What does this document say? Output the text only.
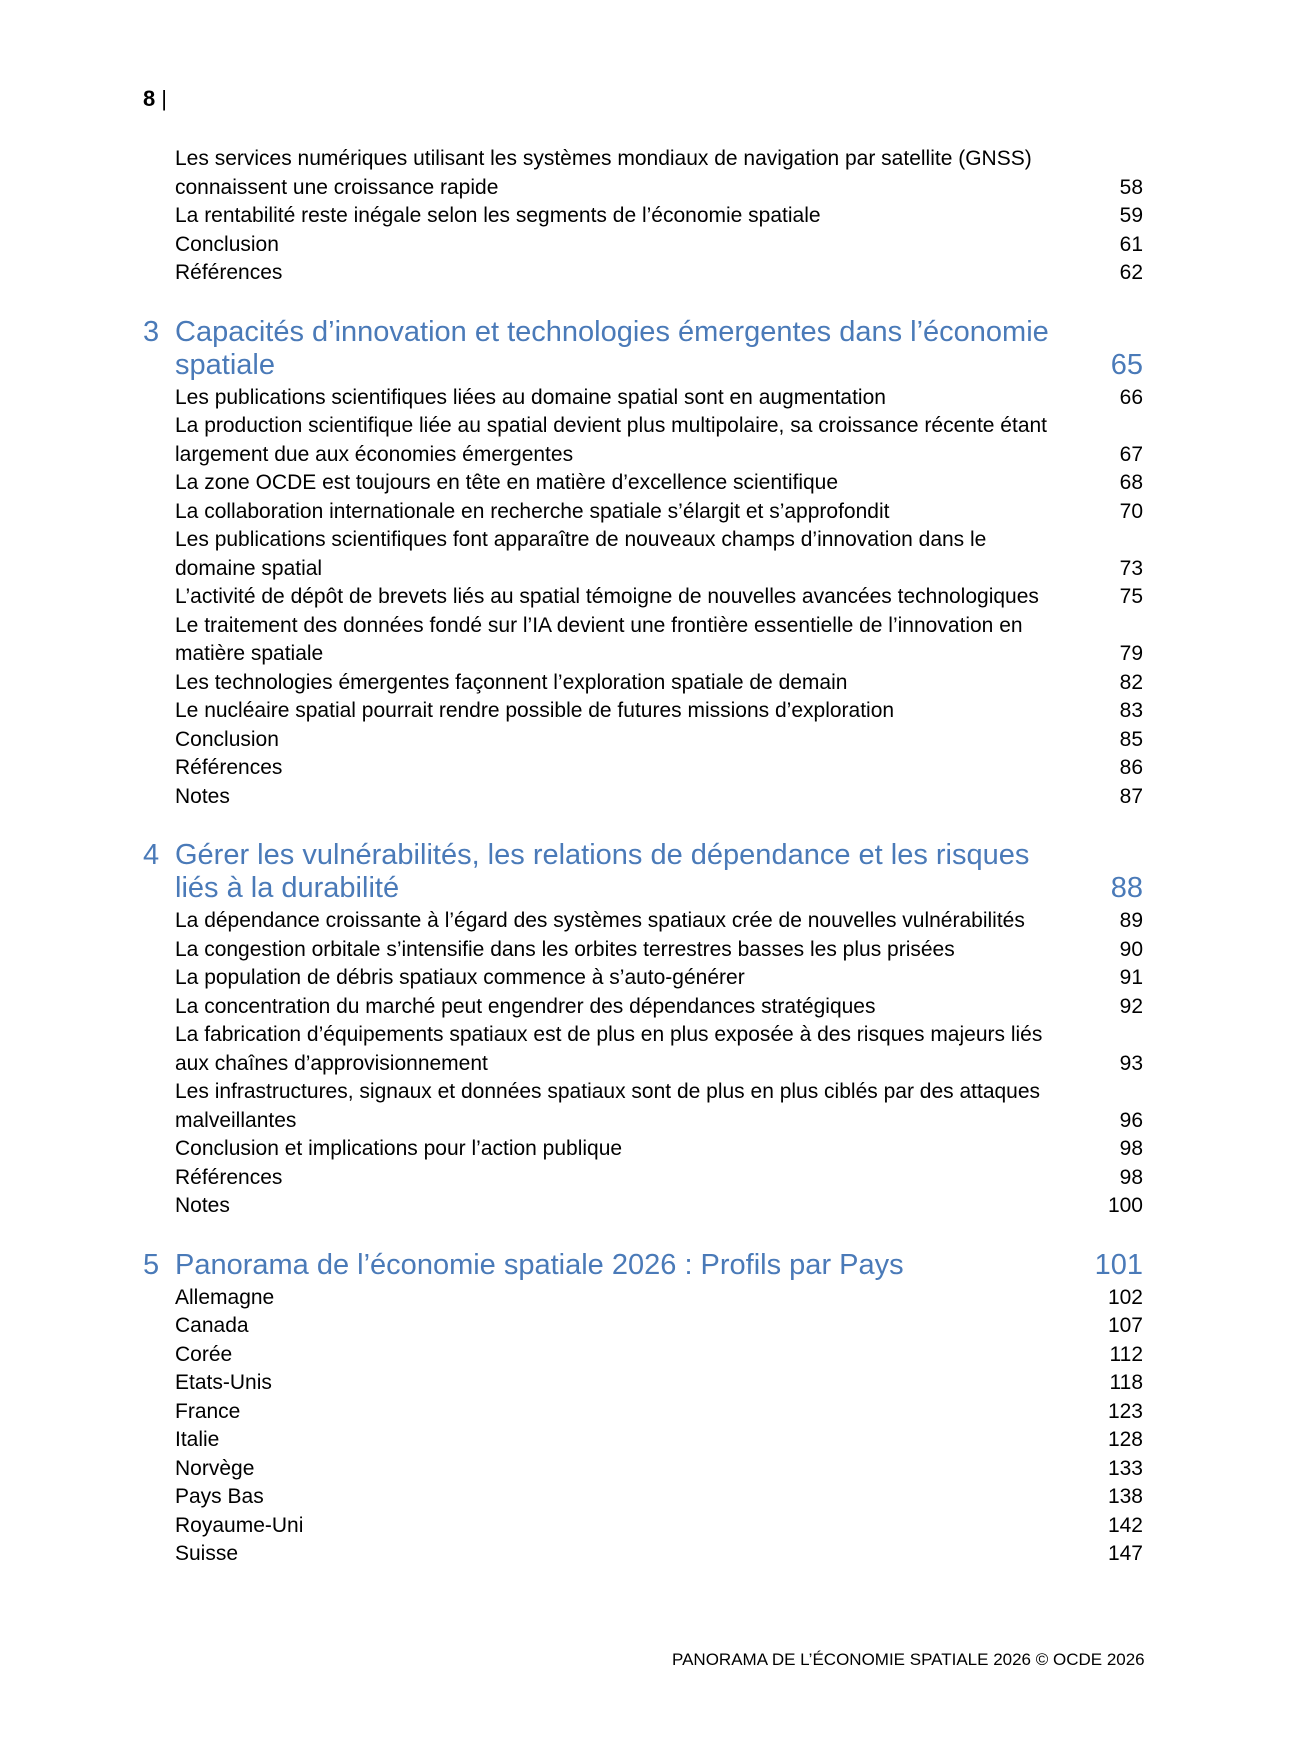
8 |
Les services numériques utilisant les systèmes mondiaux de navigation par satellite (GNSS) connaissent une croissance rapide	58
La rentabilité reste inégale selon les segments de l’économie spatiale	59
Conclusion	61
Références	62
3 Capacités d’innovation et technologies émergentes dans l’économie spatiale	65
Les publications scientifiques liées au domaine spatial sont en augmentation	66
La production scientifique liée au spatial devient plus multipolaire, sa croissance récente étant largement due aux économies émergentes	67
La zone OCDE est toujours en tête en matière d’excellence scientifique	68
La collaboration internationale en recherche spatiale s’élargit et s’approfondit	70
Les publications scientifiques font apparaître de nouveaux champs d’innovation dans le domaine spatial	73
L’activité de dépôt de brevets liés au spatial témoigne de nouvelles avancées technologiques	75
Le traitement des données fondé sur l’IA devient une frontière essentielle de l’innovation en matière spatiale	79
Les technologies émergentes façonnent l’exploration spatiale de demain	82
Le nucléaire spatial pourrait rendre possible de futures missions d’exploration	83
Conclusion	85
Références	86
Notes	87
4 Gérer les vulnérabilités, les relations de dépendance et les risques liés à la durabilité	88
La dépendance croissante à l’égard des systèmes spatiaux crée de nouvelles vulnérabilités	89
La congestion orbitale s’intensifie dans les orbites terrestres basses les plus prisées	90
La population de débris spatiaux commence à s’auto-générer	91
La concentration du marché peut engendrer des dépendances stratégiques	92
La fabrication d’équipements spatiaux est de plus en plus exposée à des risques majeurs liés aux chaînes d’approvisionnement	93
Les infrastructures, signaux et données spatiaux sont de plus en plus ciblés par des attaques malveillantes	96
Conclusion et implications pour l’action publique	98
Références	98
Notes	100
5 Panorama de l’économie spatiale 2026 : Profils par Pays	101
Allemagne	102
Canada	107
Corée	112
Etats-Unis	118
France	123
Italie	128
Norvège	133
Pays Bas	138
Royaume-Uni	142
Suisse	147
PANORAMA DE L’ÉCONOMIE SPATIALE 2026 © OCDE 2026
